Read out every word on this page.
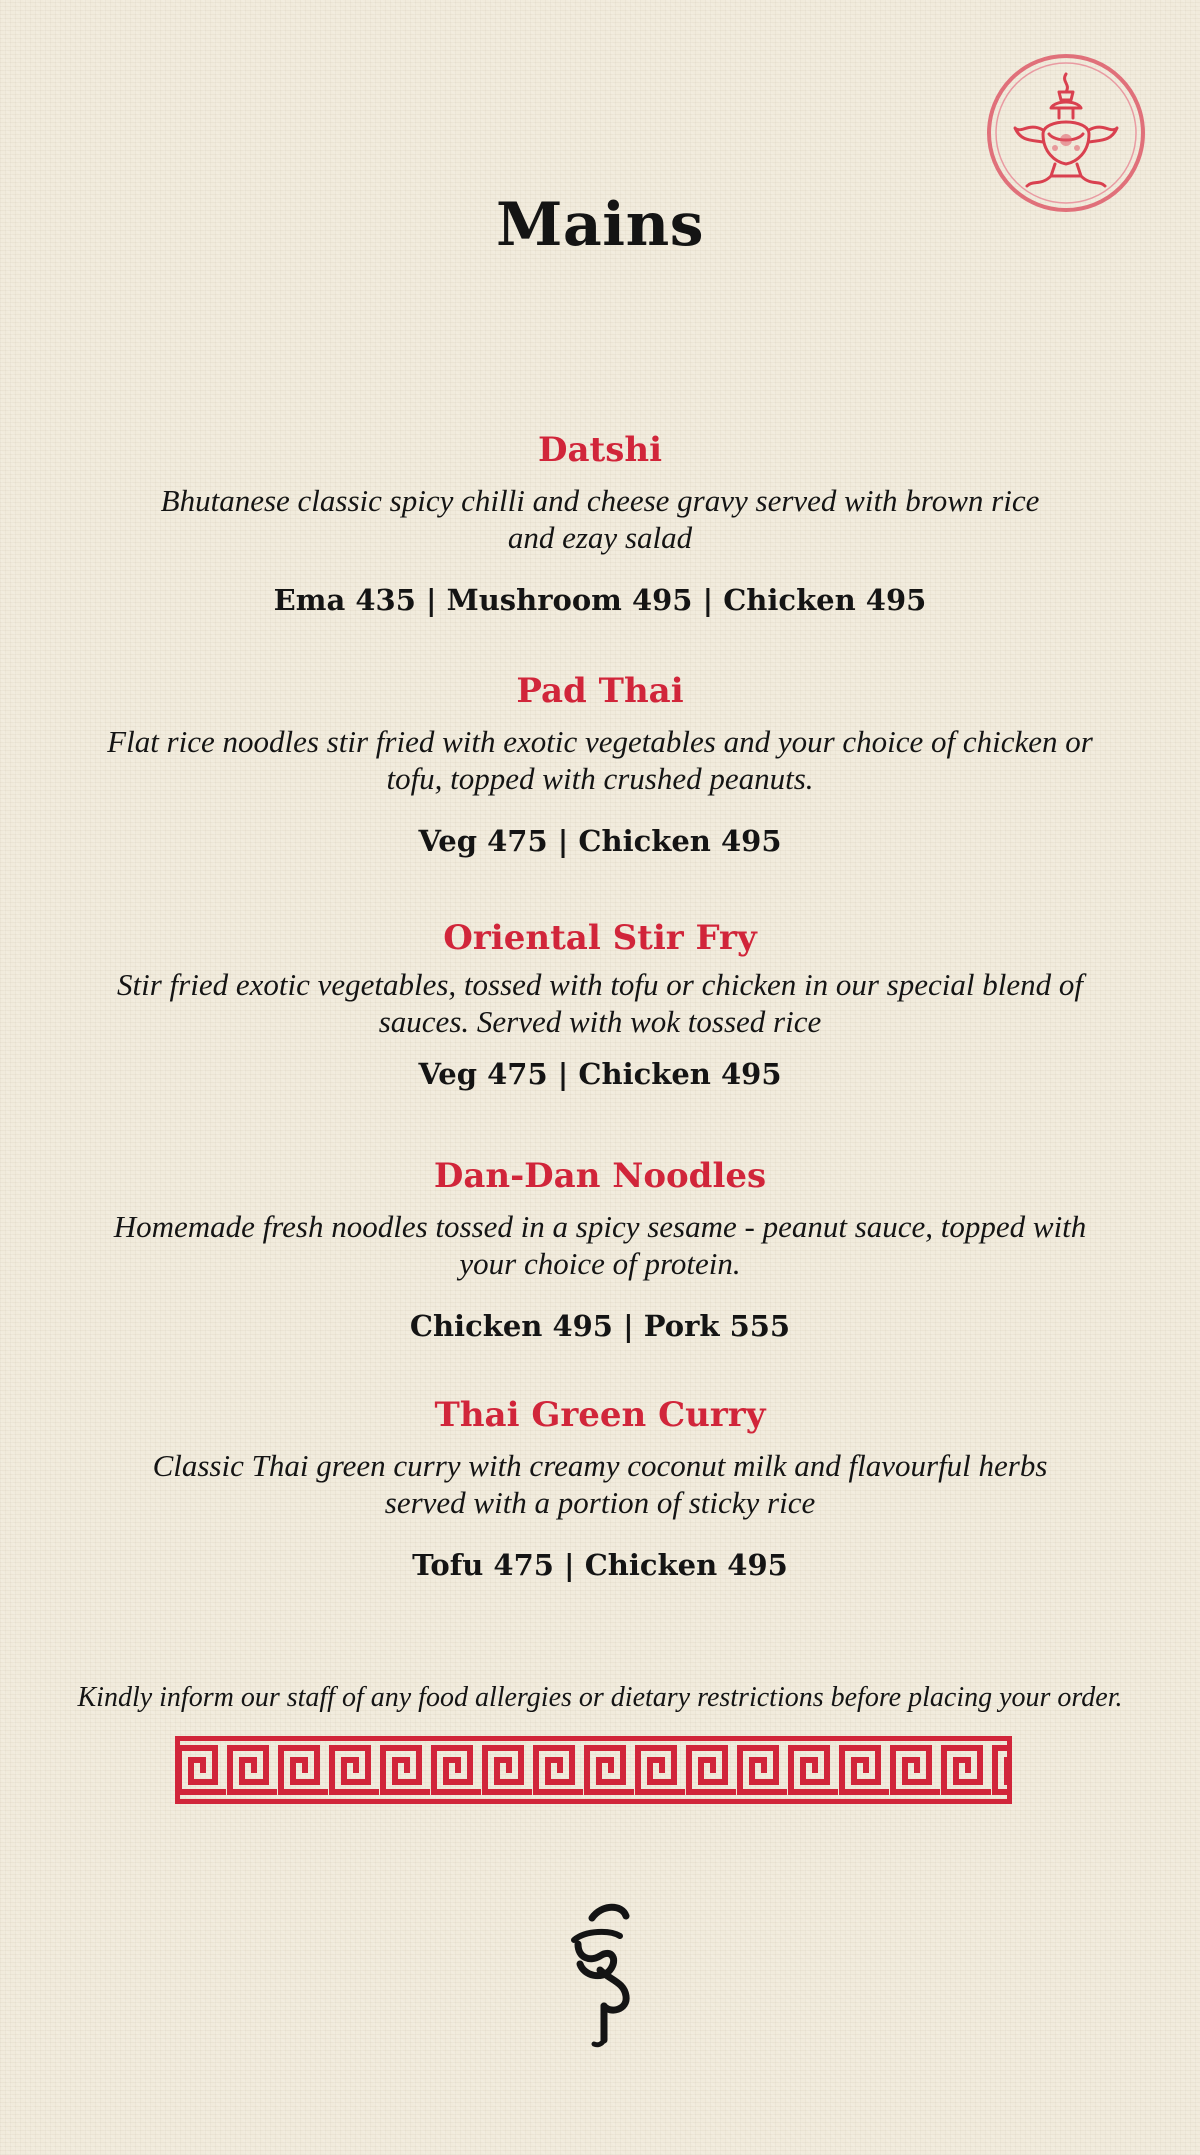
Mains
Datshi
Bhutanese classic spicy chilli and cheese gravy served with brown rice and ezay salad
Ema 435 | Mushroom 495 | Chicken 495
Pad Thai
Flat rice noodles stir fried with exotic vegetables and your choice of chicken or tofu, topped with crushed peanuts.
Veg 475 | Chicken 495
Oriental Stir Fry
Stir fried exotic vegetables, tossed with tofu or chicken in our special blend of sauces. Served with wok tossed rice
Veg 475 | Chicken 495
Dan-Dan Noodles
Homemade fresh noodles tossed in a spicy sesame - peanut sauce, topped with your choice of protein.
Chicken 495 | Pork 555
Thai Green Curry
Classic Thai green curry with creamy coconut milk and flavourful herbs served with a portion of sticky rice
Tofu 475 | Chicken 495
Kindly inform our staff of any food allergies or dietary restrictions before placing your order.
